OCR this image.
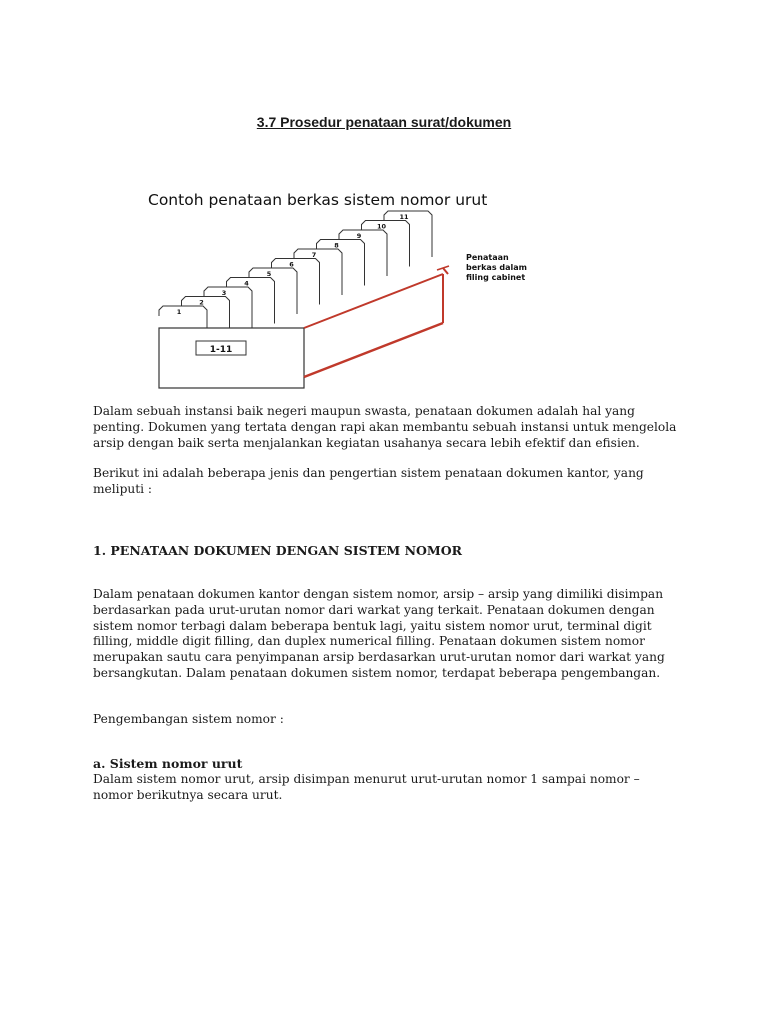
3.7 Prosedur penataan surat/dokumen
Contoh penataan berkas sistem nomor urut
11
10
9
8
7
6
5
4
3
2
1
1-11
Penataan
berkas dalam
filing cabinet

Dalam sebuah instansi baik negeri maupun swasta, penataan dokumen adalah hal yang penting. Dokumen yang tertata dengan rapi akan membantu sebuah instansi untuk mengelola arsip dengan baik serta menjalankan kegiatan usahanya secara lebih efektif dan efisien.

Berikut ini adalah beberapa jenis dan pengertian sistem penataan dokumen kantor, yang meliputi :

1. PENATAAN DOKUMEN DENGAN SISTEM NOMOR

Dalam penataan dokumen kantor dengan sistem nomor, arsip – arsip yang dimiliki disimpan berdasarkan pada urut-urutan nomor dari warkat yang terkait. Penataan dokumen dengan sistem nomor terbagi dalam beberapa bentuk lagi, yaitu sistem nomor urut, terminal digit filling, middle digit filling, dan duplex numerical filling. Penataan dokumen sistem nomor merupakan sautu cara penyimpanan arsip berdasarkan urut-urutan nomor dari warkat yang bersangkutan. Dalam penataan dokumen sistem nomor, terdapat beberapa pengembangan.

Pengembangan sistem nomor :

a. Sistem nomor urut

Dalam sistem nomor urut, arsip disimpan menurut urut-urutan nomor 1 sampai nomor – nomor berikutnya secara urut.
